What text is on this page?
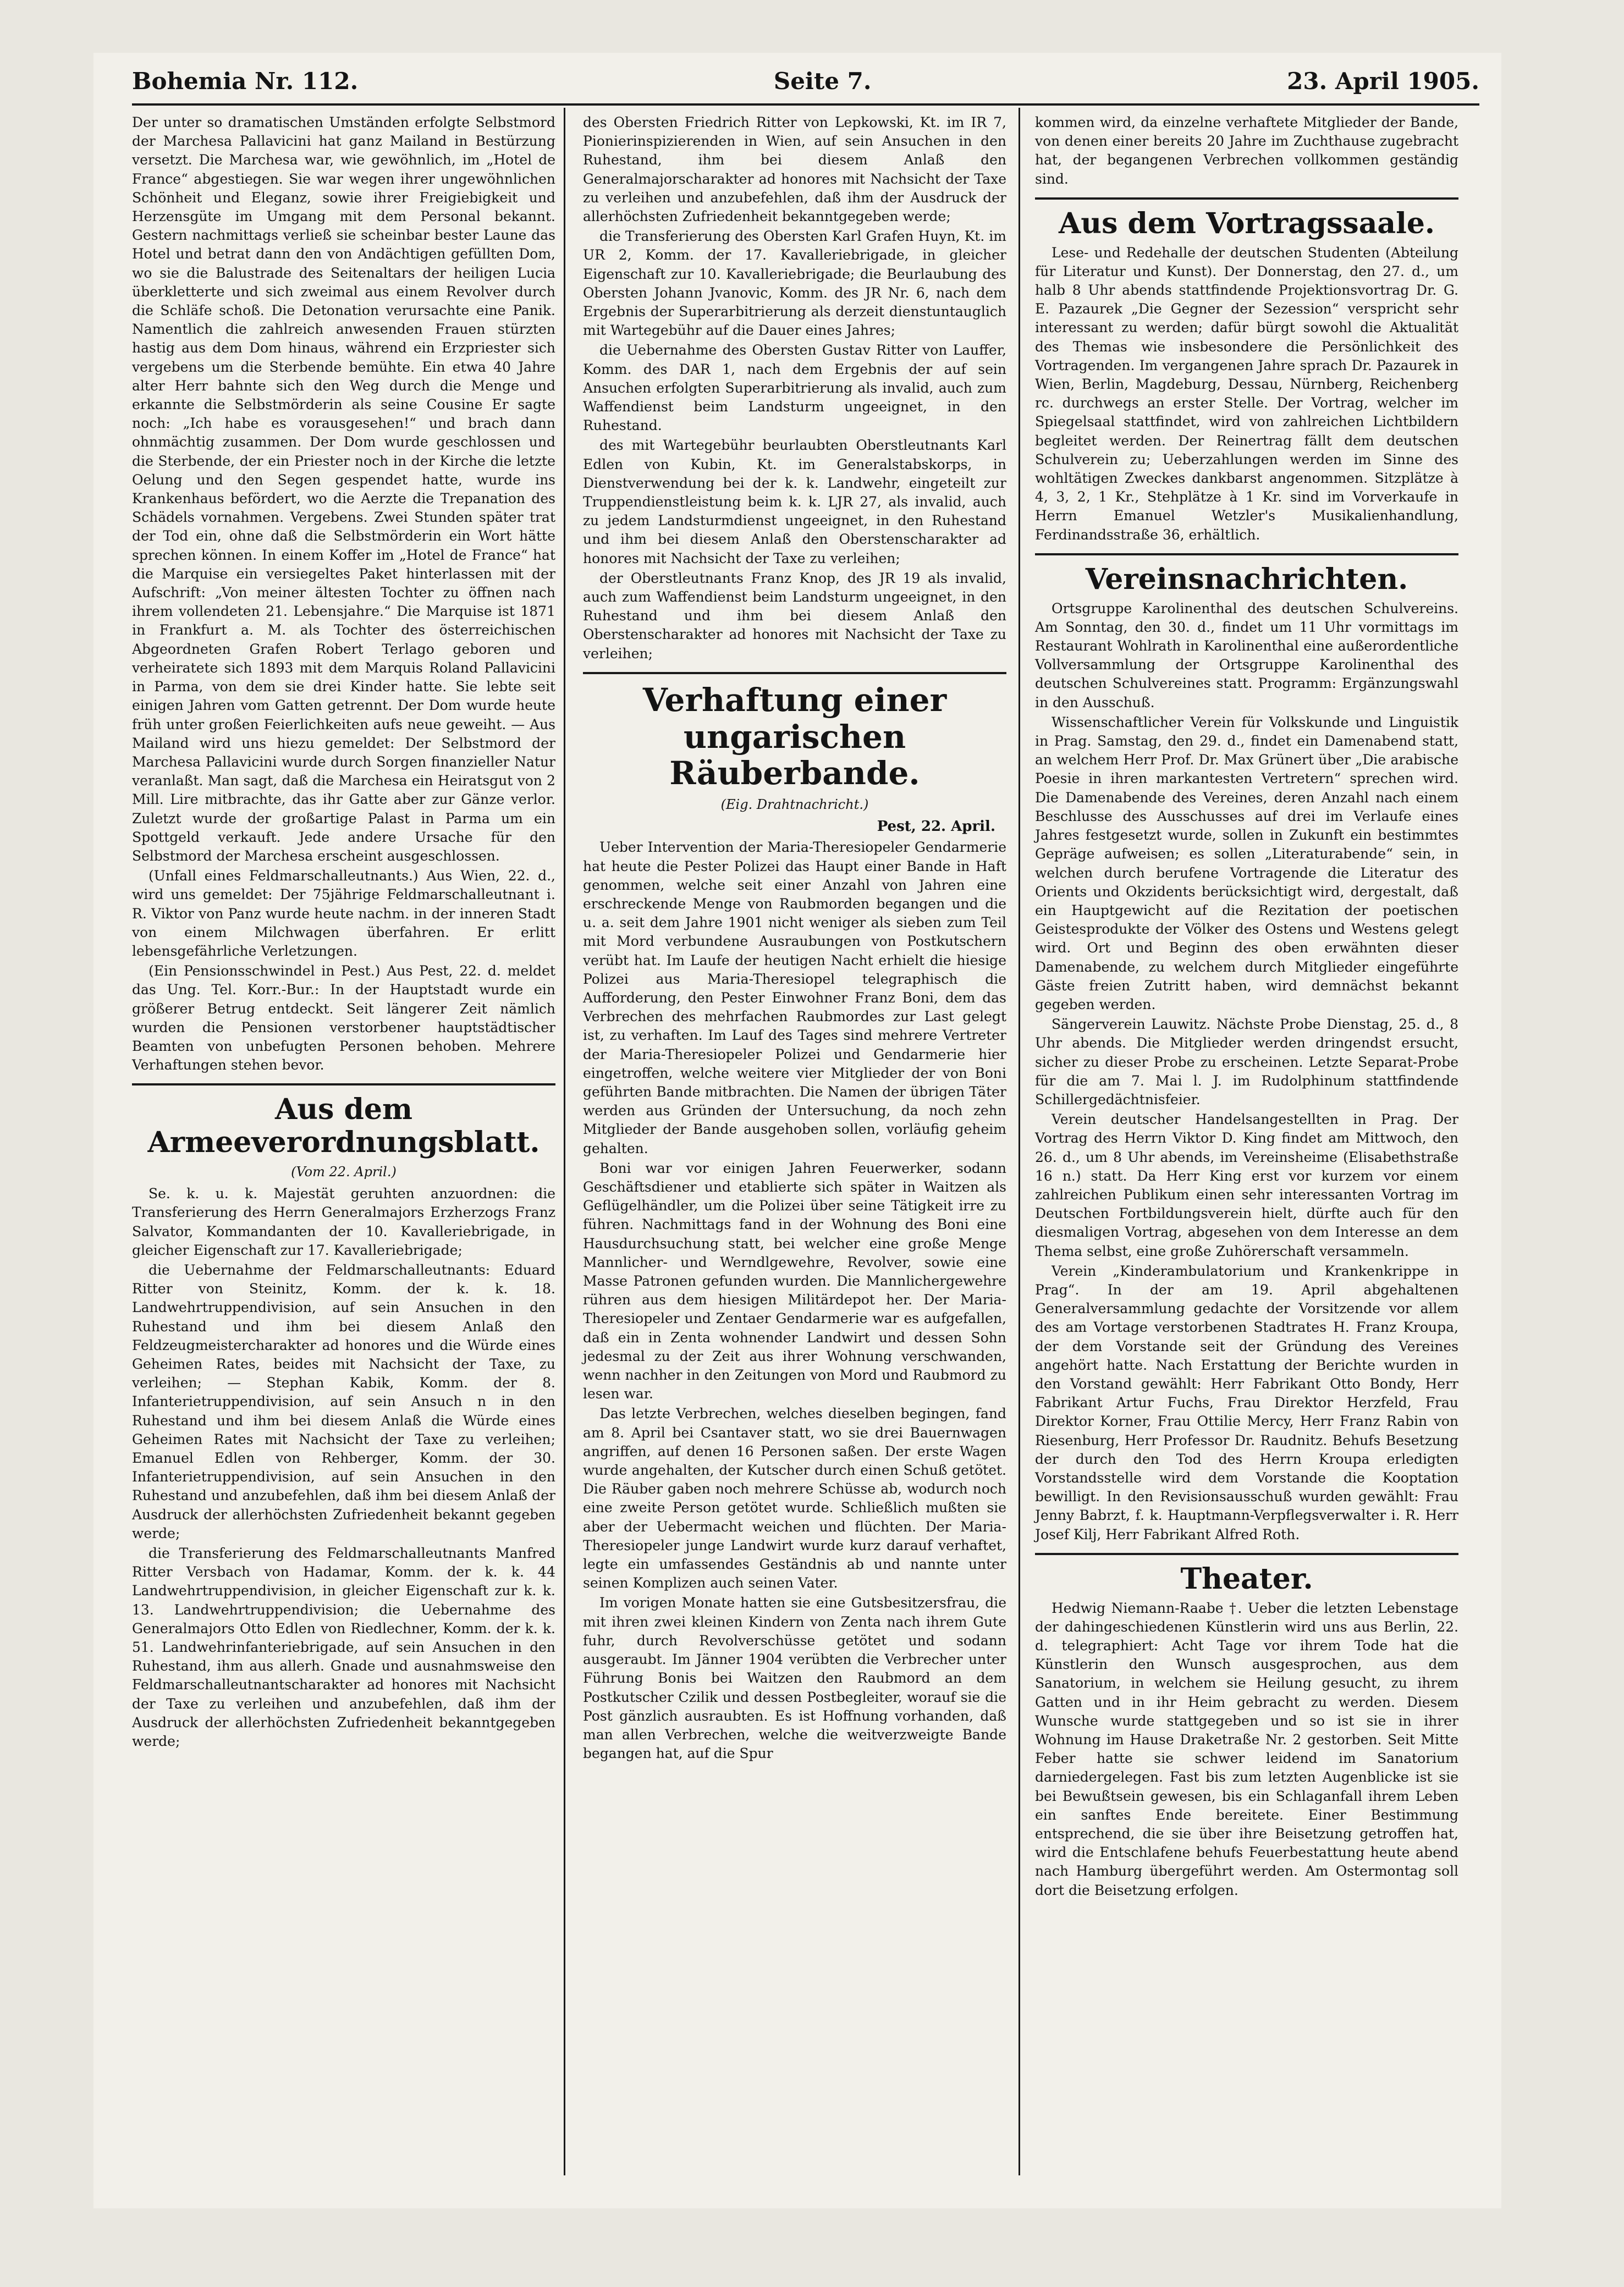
Bohemia Nr. 112.	Seite 7.	23. April 1905.

Der unter so dramatischen Umständen erfolgte Selbstmord der Marchesa Pallavicini hat ganz Mailand in Bestürzung versetzt. Die Marchesa war, wie gewöhnlich, im „Hotel de France“ abgestiegen. Sie war wegen ihrer ungewöhnlichen Schönheit und Eleganz, sowie ihrer Freigiebigkeit und Herzensgüte im Umgang mit dem Personal bekannt. Gestern nachmittags verließ sie scheinbar bester Laune das Hotel und betrat dann den von Andächtigen gefüllten Dom, wo sie die Balustrade des Seitenaltars der heiligen Lucia überkletterte und sich zweimal aus einem Revolver durch die Schläfe schoß. Die Detonation verursachte eine Panik. Namentlich die zahlreich anwesenden Frauen stürzten hastig aus dem Dom hinaus, während ein Erzpriester sich vergebens um die Sterbende bemühte. Ein etwa 40 Jahre alter Herr bahnte sich den Weg durch die Menge und erkannte die Selbstmörderin als seine Cousine Er sagte noch: „Ich habe es vorausgesehen!“ und brach dann ohnmächtig zusammen. Der Dom wurde geschlossen und die Sterbende, der ein Priester noch in der Kirche die letzte Oelung und den Segen gespendet hatte, wurde ins Krankenhaus befördert, wo die Aerzte die Trepanation des Schädels vornahmen. Vergebens. Zwei Stunden später trat der Tod ein, ohne daß die Selbstmörderin ein Wort hätte sprechen können. In einem Koffer im „Hotel de France“ hat die Marquise ein versiegeltes Paket hinterlassen mit der Aufschrift: „Von meiner ältesten Tochter zu öffnen nach ihrem vollendeten 21. Lebensjahre.“ Die Marquise ist 1871 in Frankfurt a. M. als Tochter des österreichischen Abgeordneten Grafen Robert Terlago geboren und verheiratete sich 1893 mit dem Marquis Roland Pallavicini in Parma, von dem sie drei Kinder hatte. Sie lebte seit einigen Jahren vom Gatten getrennt. Der Dom wurde heute früh unter großen Feierlichkeiten aufs neue geweiht. — Aus Mailand wird uns hiezu gemeldet: Der Selbstmord der Marchesa Pallavicini wurde durch Sorgen finanzieller Natur veranlaßt. Man sagt, daß die Marchesa ein Heiratsgut von 2 Mill. Lire mitbrachte, das ihr Gatte aber zur Gänze verlor. Zuletzt wurde der großartige Palast in Parma um ein Spottgeld verkauft. Jede andere Ursache für den Selbstmord der Marchesa erscheint ausgeschlossen.

(Unfall eines Feldmarschalleutnants.) Aus Wien, 22. d., wird uns gemeldet: Der 75jährige Feldmarschalleutnant i. R. Viktor von Panz wurde heute nachm. in der inneren Stadt von einem Milchwagen überfahren. Er erlitt lebensgefährliche Verletzungen.

(Ein Pensionsschwindel in Pest.) Aus Pest, 22. d. meldet das Ung. Tel. Korr.-Bur.: In der Hauptstadt wurde ein größerer Betrug entdeckt. Seit längerer Zeit nämlich wurden die Pensionen verstorbener hauptstädtischer Beamten von unbefugten Personen behoben. Mehrere Verhaftungen stehen bevor.

Aus dem Armeeverordnungsblatt.
(Vom 22. April.)

Se. k. u. k. Majestät geruhten anzuordnen: die Transferierung des Herrn Generalmajors Erzherzogs Franz Salvator, Kommandanten der 10. Kavalleriebrigade, in gleicher Eigenschaft zur 17. Kavalleriebrigade;

die Uebernahme der Feldmarschalleutnants: Eduard Ritter von Steinitz, Komm. der k. k. 18. Landwehrtruppendivision, auf sein Ansuchen in den Ruhestand und ihm bei diesem Anlaß den Feldzeugmeistercharakter ad honores und die Würde eines Geheimen Rates, beides mit Nachsicht der Taxe, zu verleihen; — Stephan Kabik, Komm. der 8. Infanterietruppendivision, auf sein Ansuch n in den Ruhestand und ihm bei diesem Anlaß die Würde eines Geheimen Rates mit Nachsicht der Taxe zu verleihen; Emanuel Edlen von Rehberger, Komm. der 30. Infanterietruppendivision, auf sein Ansuchen in den Ruhestand und anzubefehlen, daß ihm bei diesem Anlaß der Ausdruck der allerhöchsten Zufriedenheit bekannt gegeben werde;

die Transferierung des Feldmarschalleutnants Manfred Ritter Versbach von Hadamar, Komm. der k. k. 44 Landwehrtruppendivision, in gleicher Eigenschaft zur k. k. 13. Landwehrtruppendivision; die Uebernahme des Generalmajors Otto Edlen von Riedlechner, Komm. der k. k. 51. Landwehrinfanteriebrigade, auf sein Ansuchen in den Ruhestand, ihm aus allerh. Gnade und ausnahmsweise den Feldmarschalleutnantscharakter ad honores mit Nachsicht der Taxe zu verleihen und anzubefehlen, daß ihm der Ausdruck der allerhöchsten Zufriedenheit bekanntgegeben werde;

des Obersten Friedrich Ritter von Lepkowski, Kt. im IR 7, Pionierinspizierenden in Wien, auf sein Ansuchen in den Ruhestand, ihm bei diesem Anlaß den Generalmajorscharakter ad honores mit Nachsicht der Taxe zu verleihen und anzubefehlen, daß ihm der Ausdruck der allerhöchsten Zufriedenheit bekanntgegeben werde;

die Transferierung des Obersten Karl Grafen Huyn, Kt. im UR 2, Komm. der 17. Kavalleriebrigade, in gleicher Eigenschaft zur 10. Kavalleriebrigade; die Beurlaubung des Obersten Johann Jvanovic, Komm. des JR Nr. 6, nach dem Ergebnis der Superarbitrierung als derzeit dienstuntauglich mit Wartegebühr auf die Dauer eines Jahres;

die Uebernahme des Obersten Gustav Ritter von Lauffer, Komm. des DAR 1, nach dem Ergebnis der auf sein Ansuchen erfolgten Superarbitrierung als invalid, auch zum Waffendienst beim Landsturm ungeeignet, in den Ruhestand.

des mit Wartegebühr beurlaubten Oberstleutnants Karl Edlen von Kubin, Kt. im Generalstabskorps, in Dienstverwendung bei der k. k. Landwehr, eingeteilt zur Truppendienstleistung beim k. k. LJR 27, als invalid, auch zu jedem Landsturmdienst ungeeignet, in den Ruhestand und ihm bei diesem Anlaß den Oberstenscharakter ad honores mit Nachsicht der Taxe zu verleihen;

der Oberstleutnants Franz Knop, des JR 19 als invalid, auch zum Waffendienst beim Landsturm ungeeignet, in den Ruhestand und ihm bei diesem Anlaß den Oberstenscharakter ad honores mit Nachsicht der Taxe zu verleihen;

Verhaftung einer ungarischen Räuberbande.
(Eig. Drahtnachricht.)
Pest, 22. April.

Ueber Intervention der Maria-Theresiopeler Gendarmerie hat heute die Pester Polizei das Haupt einer Bande in Haft genommen, welche seit einer Anzahl von Jahren eine erschreckende Menge von Raubmorden begangen und die u. a. seit dem Jahre 1901 nicht weniger als sieben zum Teil mit Mord verbundene Ausraubungen von Postkutschern verübt hat. Im Laufe der heutigen Nacht erhielt die hiesige Polizei aus Maria-Theresiopel telegraphisch die Aufforderung, den Pester Einwohner Franz Boni, dem das Verbrechen des mehrfachen Raubmordes zur Last gelegt ist, zu verhaften. Im Lauf des Tages sind mehrere Vertreter der Maria-Theresiopeler Polizei und Gendarmerie hier eingetroffen, welche weitere vier Mitglieder der von Boni geführten Bande mitbrachten. Die Namen der übrigen Täter werden aus Gründen der Untersuchung, da noch zehn Mitglieder der Bande ausgehoben sollen, vorläufig geheim gehalten.

Boni war vor einigen Jahren Feuerwerker, sodann Geschäftsdiener und etablierte sich später in Waitzen als Geflügelhändler, um die Polizei über seine Tätigkeit irre zu führen. Nachmittags fand in der Wohnung des Boni eine Hausdurchsuchung statt, bei welcher eine große Menge Mannlicher- und Werndlgewehre, Revolver, sowie eine Masse Patronen gefunden wurden. Die Mannlichergewehre rühren aus dem hiesigen Militärdepot her. Der Maria-Theresiopeler und Zentaer Gendarmerie war es aufgefallen, daß ein in Zenta wohnender Landwirt und dessen Sohn jedesmal zu der Zeit aus ihrer Wohnung verschwanden, wenn nachher in den Zeitungen von Mord und Raubmord zu lesen war.

Das letzte Verbrechen, welches dieselben begingen, fand am 8. April bei Csantaver statt, wo sie drei Bauernwagen angriffen, auf denen 16 Personen saßen. Der erste Wagen wurde angehalten, der Kutscher durch einen Schuß getötet. Die Räuber gaben noch mehrere Schüsse ab, wodurch noch eine zweite Person getötet wurde. Schließlich mußten sie aber der Uebermacht weichen und flüchten. Der Maria-Theresiopeler junge Landwirt wurde kurz darauf verhaftet, legte ein umfassendes Geständnis ab und nannte unter seinen Komplizen auch seinen Vater.

Im vorigen Monate hatten sie eine Gutsbesitzersfrau, die mit ihren zwei kleinen Kindern von Zenta nach ihrem Gute fuhr, durch Revolverschüsse getötet und sodann ausgeraubt. Im Jänner 1904 verübten die Verbrecher unter Führung Bonis bei Waitzen den Raubmord an dem Postkutscher Czilik und dessen Postbegleiter, worauf sie die Post gänzlich ausraubten. Es ist Hoffnung vorhanden, daß man allen Verbrechen, welche die weitverzweigte Bande begangen hat, auf die Spur

kommen wird, da einzelne verhaftete Mitglieder der Bande, von denen einer bereits 20 Jahre im Zuchthause zugebracht hat, der begangenen Verbrechen vollkommen geständig sind.

Aus dem Vortragssaale.

Lese- und Redehalle der deutschen Studenten (Abteilung für Literatur und Kunst). Der Donnerstag, den 27. d., um halb 8 Uhr abends stattfindende Projektionsvortrag Dr. G. E. Pazaurek „Die Gegner der Sezession“ verspricht sehr interessant zu werden; dafür bürgt sowohl die Aktualität des Themas wie insbesondere die Persönlichkeit des Vortragenden. Im vergangenen Jahre sprach Dr. Pazaurek in Wien, Berlin, Magdeburg, Dessau, Nürnberg, Reichenberg rc. durchwegs an erster Stelle. Der Vortrag, welcher im Spiegelsaal stattfindet, wird von zahlreichen Lichtbildern begleitet werden. Der Reinertrag fällt dem deutschen Schulverein zu; Ueberzahlungen werden im Sinne des wohltätigen Zweckes dankbarst angenommen. Sitzplätze à 4, 3, 2, 1 Kr., Stehplätze à 1 Kr. sind im Vorverkaufe in Herrn Emanuel Wetzler's Musikalienhandlung, Ferdinandsstraße 36, erhältlich.

Vereinsnachrichten.

Ortsgruppe Karolinenthal des deutschen Schulvereins. Am Sonntag, den 30. d., findet um 11 Uhr vormittags im Restaurant Wohlrath in Karolinenthal eine außerordentliche Vollversammlung der Ortsgruppe Karolinenthal des deutschen Schulvereines statt. Programm: Ergänzungswahl in den Ausschuß.

Wissenschaftlicher Verein für Volkskunde und Linguistik in Prag. Samstag, den 29. d., findet ein Damenabend statt, an welchem Herr Prof. Dr. Max Grünert über „Die arabische Poesie in ihren markantesten Vertretern“ sprechen wird. Die Damenabende des Vereines, deren Anzahl nach einem Beschlusse des Ausschusses auf drei im Verlaufe eines Jahres festgesetzt wurde, sollen in Zukunft ein bestimmtes Gepräge aufweisen; es sollen „Literaturabende“ sein, in welchen durch berufene Vortragende die Literatur des Orients und Okzidents berücksichtigt wird, dergestalt, daß ein Hauptgewicht auf die Rezitation der poetischen Geistesprodukte der Völker des Ostens und Westens gelegt wird. Ort und Beginn des oben erwähnten dieser Damenabende, zu welchem durch Mitglieder eingeführte Gäste freien Zutritt haben, wird demnächst bekannt gegeben werden.

Sängerverein Lauwitz. Nächste Probe Dienstag, 25. d., 8 Uhr abends. Die Mitglieder werden dringendst ersucht, sicher zu dieser Probe zu erscheinen. Letzte Separat-Probe für die am 7. Mai l. J. im Rudolphinum stattfindende Schillergedächtnisfeier.

Verein deutscher Handelsangestellten in Prag. Der Vortrag des Herrn Viktor D. King findet am Mittwoch, den 26. d., um 8 Uhr abends, im Vereinsheime (Elisabethstraße 16 n.) statt. Da Herr King erst vor kurzem vor einem zahlreichen Publikum einen sehr interessanten Vortrag im Deutschen Fortbildungsverein hielt, dürfte auch für den diesmaligen Vortrag, abgesehen von dem Interesse an dem Thema selbst, eine große Zuhörerschaft versammeln.

Verein „Kinderambulatorium und Krankenkrippe in Prag“. In der am 19. April abgehaltenen Generalversammlung gedachte der Vorsitzende vor allem des am Vortage verstorbenen Stadtrates H. Franz Kroupa, der dem Vorstande seit der Gründung des Vereines angehört hatte. Nach Erstattung der Berichte wurden in den Vorstand gewählt: Herr Fabrikant Otto Bondy, Herr Fabrikant Artur Fuchs, Frau Direktor Herzfeld, Frau Direktor Korner, Frau Ottilie Mercy, Herr Franz Rabin von Riesenburg, Herr Professor Dr. Raudnitz. Behufs Besetzung der durch den Tod des Herrn Kroupa erledigten Vorstandsstelle wird dem Vorstande die Kooptation bewilligt. In den Revisionsausschuß wurden gewählt: Frau Jenny Babrzt, f. k. Hauptmann-Verpflegsverwalter i. R. Herr Josef Kilj, Herr Fabrikant Alfred Roth.

Theater.

Hedwig Niemann-Raabe †. Ueber die letzten Lebenstage der dahingeschiedenen Künstlerin wird uns aus Berlin, 22. d. telegraphiert: Acht Tage vor ihrem Tode hat die Künstlerin den Wunsch ausgesprochen, aus dem Sanatorium, in welchem sie Heilung gesucht, zu ihrem Gatten und in ihr Heim gebracht zu werden. Diesem Wunsche wurde stattgegeben und so ist sie in ihrer Wohnung im Hause Draketraße Nr. 2 gestorben. Seit Mitte Feber hatte sie schwer leidend im Sanatorium darniedergelegen. Fast bis zum letzten Augenblicke ist sie bei Bewußtsein gewesen, bis ein Schlaganfall ihrem Leben ein sanftes Ende bereitete. Einer Bestimmung entsprechend, die sie über ihre Beisetzung getroffen hat, wird die Entschlafene behufs Feuerbestattung heute abend nach Hamburg übergeführt werden. Am Ostermontag soll dort die Beisetzung erfolgen.
